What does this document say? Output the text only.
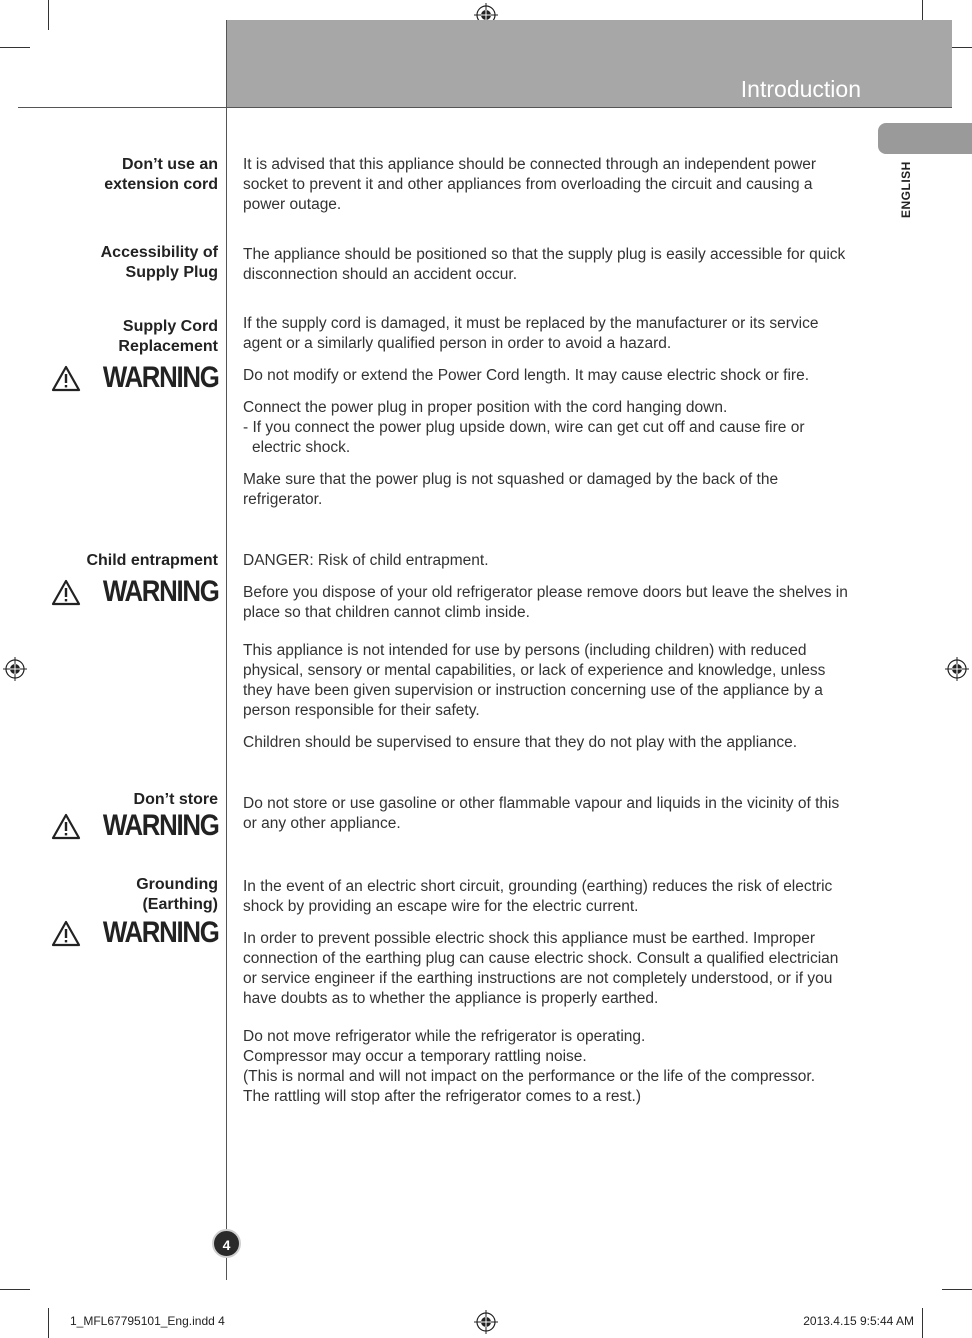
Introduction
ENGLISH
Don’t use an
extension cord

It is advised that this appliance should be connected through an independent power
socket to prevent it and other appliances from overloading the circuit and causing a
power outage.

Accessibility of
Supply Plug

The appliance should be positioned so that the supply plug is easily accessible for quick
disconnection should an accident occur.

Supply Cord
Replacement
WARNING

If the supply cord is damaged, it must be replaced by the manufacturer or its service
agent or a similarly qualified person in order to avoid a hazard.

Do not modify or extend the Power Cord length. It may cause electric shock or fire.

Connect the power plug in proper position with the cord hanging down.
- If you connect the power plug upside down, wire can get cut off and cause fire or
electric shock.

Make sure that the power plug is not squashed or damaged by the back of the
refrigerator.

Child entrapment
WARNING

DANGER: Risk of child entrapment.

Before you dispose of your old refrigerator please remove doors but leave the shelves in
place so that children cannot climb inside.

This appliance is not intended for use by persons (including children) with reduced
physical, sensory or mental capabilities, or lack of experience and knowledge, unless
they have been given supervision or instruction concerning use of the appliance by a
person responsible for their safety.

Children should be supervised to ensure that they do not play with the appliance.

Don’t store
WARNING

Do not store or use gasoline or other flammable vapour and liquids in the vicinity of this
or any other appliance.

Grounding
(Earthing)
WARNING

In the event of an electric short circuit, grounding (earthing) reduces the risk of electric
shock by providing an escape wire for the electric current.

In order to prevent possible electric shock this appliance must be earthed. Improper
connection of the earthing plug can cause electric shock. Consult a qualified electrician
or service engineer if the earthing instructions are not completely understood, or if you
have doubts as to whether the appliance is properly earthed.

Do not move refrigerator while the refrigerator is operating.
Compressor may occur a temporary rattling noise.
(This is normal and will not impact on the performance or the life of the compressor.
The rattling will stop after the refrigerator comes to a rest.)

4
1_MFL67795101_Eng.indd 4	2013.4.15 9:5:44 AM
